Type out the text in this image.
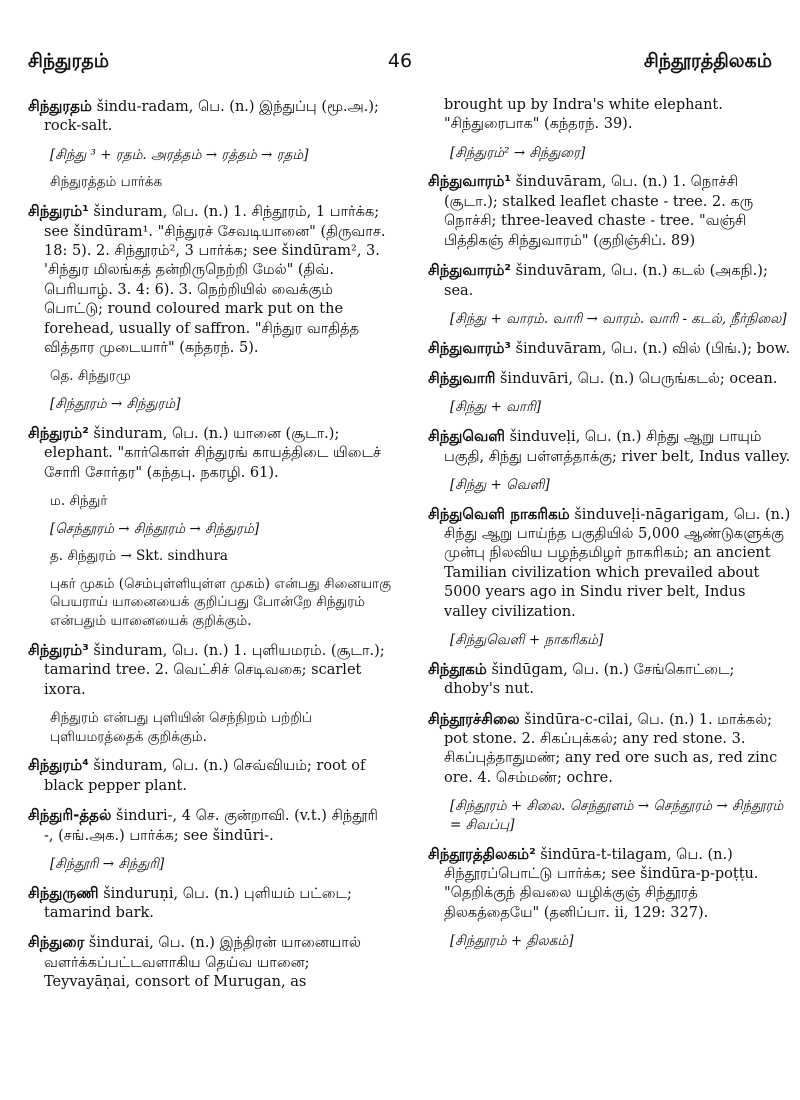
சிந்துரதம்	46	சிந்தூரத்திலகம்
சிந்துரதம் šindu-radam, பெ. (n.) இந்துப்பு (மூ.அ.); rock-salt.
[சிந்து ³ + ரதம். அரத்தம் → ரத்தம் → ரதம்]
சிந்துரத்தம் பார்க்க
சிந்துரம்¹ šinduram, பெ. (n.) 1. சிந்தூரம், 1 பார்க்க; see šindūram¹. "சிந்துரச் சேவடியானை" (திருவாச. 18: 5). 2. சிந்தூரம்², 3 பார்க்க; see šindūram², 3. 'சிந்துர மிலங்கத் தன்றிருநெற்றி மேல்" (திவ். பெரியாழ். 3. 4: 6). 3. நெற்றியில் வைக்கும் பொட்டு; round coloured mark put on the forehead, usually of saffron. "சிந்துர வாதித்த வித்தார முடையார்" (கந்தரந். 5).
தெ. சிந்துரமு
[சிந்தூரம் → சிந்துரம்]
சிந்துரம்² šinduram, பெ. (n.) யானை (சூடா.); elephant. "கார்கொள் சிந்துரங் காயத்திடை யிடைச் சோரி சோர்தர" (கந்தபு. நகரழி. 61).
ம. சிந்துர்
[செந்தூரம் → சிந்தூரம் → சிந்துரம்]
த. சிந்துரம் → Skt. sindhura
புகர் முகம் (செம்புள்ளியுள்ள முகம்) என்பது சினையாகு பெயராய் யானையைக் குறிப்பது போன்றே சிந்துரம் என்பதும் யானையைக் குறிக்கும்.
சிந்துரம்³ šinduram, பெ. (n.) 1. புளியமரம். (சூடா.); tamarind tree. 2. வெட்சிச் செடிவகை; scarlet ixora.
சிந்துரம் என்பது புளியின் செந்நிறம் பற்றிப் புளியமரத்தைக் குறிக்கும்.
சிந்துரம்⁴ šinduram, பெ. (n.) செவ்வியம்; root of black pepper plant.
சிந்துரி-த்தல் šinduri-, 4 செ. குன்றாவி. (v.t.) சிந்தூரி -, (சங்.அக.) பார்க்க; see šindūri-.
[சிந்தூரி → சிந்துரி]
சிந்துருணி šinduruṇi, பெ. (n.) புளியம் பட்டை; tamarind bark.
சிந்துரை šindurai, பெ. (n.) இந்திரன் யானையால் வளர்க்கப்பட்டவளாகிய தெய்வ யானை; Teyvayāṇai, consort of Murugan, as
brought up by Indra's white elephant. "சிந்துரைபாக" (கந்தரந். 39).
[சிந்துரம்² → சிந்துரை]
சிந்துவாரம்¹ šinduvāram, பெ. (n.) 1. நொச்சி (சூடா.); stalked leaflet chaste - tree. 2. கரு நொச்சி; three-leaved chaste - tree. "வஞ்சி பித்திகஞ் சிந்துவாரம்" (குறிஞ்சிப். 89)
சிந்துவாரம்² šinduvāram, பெ. (n.) கடல் (அகநி.); sea.
[சிந்து + வாரம். வாரி → வாரம். வாரி - கடல், நீர்நிலை]
சிந்துவாரம்³ šinduvāram, பெ. (n.) வில் (பிங்.); bow.
சிந்துவாரி šinduvāri, பெ. (n.) பெருங்கடல்; ocean.
[சிந்து + வாரி]
சிந்துவெளி šinduveḷi, பெ. (n.) சிந்து ஆறு பாயும் பகுதி, சிந்து பள்ளத்தாக்கு; river belt, Indus valley.
[சிந்து + வெளி]
சிந்துவெளி நாகரிகம் šinduveḷi-nāgarigam, பெ. (n.) சிந்து ஆறு பாய்ந்த பகுதியில் 5,000 ஆண்டுகளுக்கு முன்பு நிலவிய பழந்தமிழர் நாகரிகம்; an ancient Tamilian civilization which prevailed about 5000 years ago in Sindu river belt, Indus valley civilization.
[சிந்துவெளி + நாகரிகம்]
சிந்தூகம் šindūgam, பெ. (n.) சேங்கொட்டை; dhoby's nut.
சிந்தூரச்சிலை šindūra-c-cilai, பெ. (n.) 1. மாக்கல்; pot stone. 2. சிகப்புக்கல்; any red stone. 3. சிகப்புத்தாதுமண்; any red ore such as, red zinc ore. 4. செம்மண்; ochre.
[சிந்தூரம் + சிலை. செந்தூளம் → செந்தூரம் → சிந்தூரம் = சிவப்பு]
சிந்தூரத்திலகம்² šindūra-t-tilagam, பெ. (n.) சிந்தூரப்பொட்டு பார்க்க; see šindūra-p-poṭṭu. "தெறிக்குந் திவலை யழிக்குஞ் சிந்தூரத் திலகத்தையே" (தனிப்பா. ii, 129: 327).
[சிந்தூரம் + திலகம்]
